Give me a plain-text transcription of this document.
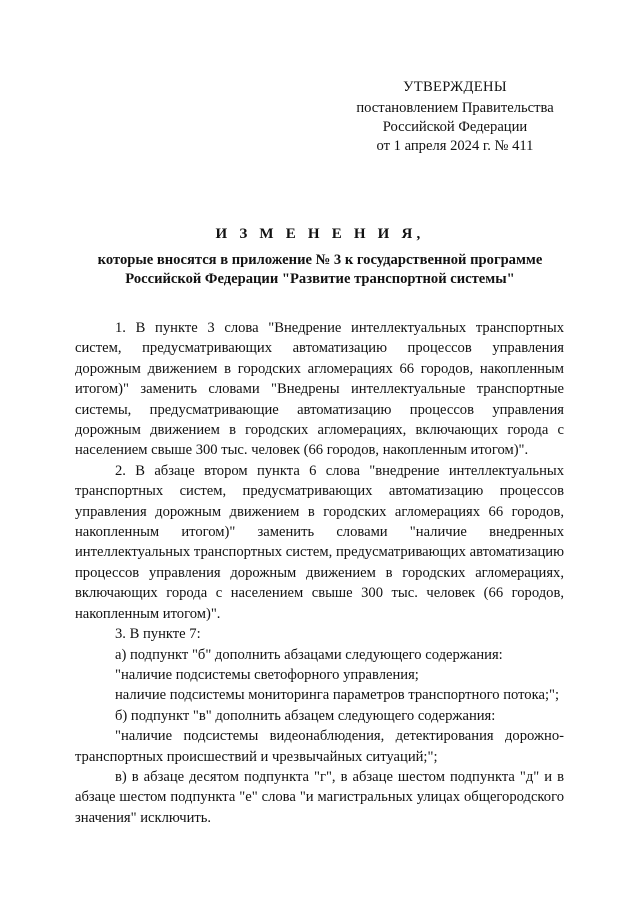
УТВЕРЖДЕНЫ
постановлением Правительства
Российской Федерации
от 1 апреля 2024 г. № 411
И З М Е Н Е Н И Я,
которые вносятся в приложение № 3 к государственной программе
Российской Федерации "Развитие транспортной системы"

1. В пункте 3 слова "Внедрение интеллектуальных транспортных систем, предусматривающих автоматизацию процессов управления дорожным движением в городских агломерациях 66 городов, накопленным итогом)" заменить словами "Внедрены интеллектуальные транспортные системы, предусматривающие автоматизацию процессов управления дорожным движением в городских агломерациях, включающих города с населением свыше 300 тыс. человек (66 городов, накопленным итогом)".

2. В абзаце втором пункта 6 слова "внедрение интеллектуальных транспортных систем, предусматривающих автоматизацию процессов управления дорожным движением в городских агломерациях 66 городов, накопленным итогом)" заменить словами "наличие внедренных интеллектуальных транспортных систем, предусматривающих автоматизацию процессов управления дорожным движением в городских агломерациях, включающих города с населением свыше 300 тыс. человек (66 городов, накопленным итогом)".

3. В пункте 7:

а) подпункт "б" дополнить абзацами следующего содержания:

"наличие подсистемы светофорного управления;

наличие подсистемы мониторинга параметров транспортного потока;";

б) подпункт "в" дополнить абзацем следующего содержания:

"наличие подсистемы видеонаблюдения, детектирования дорожно-транспортных происшествий и чрезвычайных ситуаций;";

в) в абзаце десятом подпункта "г", в абзаце шестом подпункта "д" и в абзаце шестом подпункта "е" слова "и магистральных улицах общегородского значения" исключить.
